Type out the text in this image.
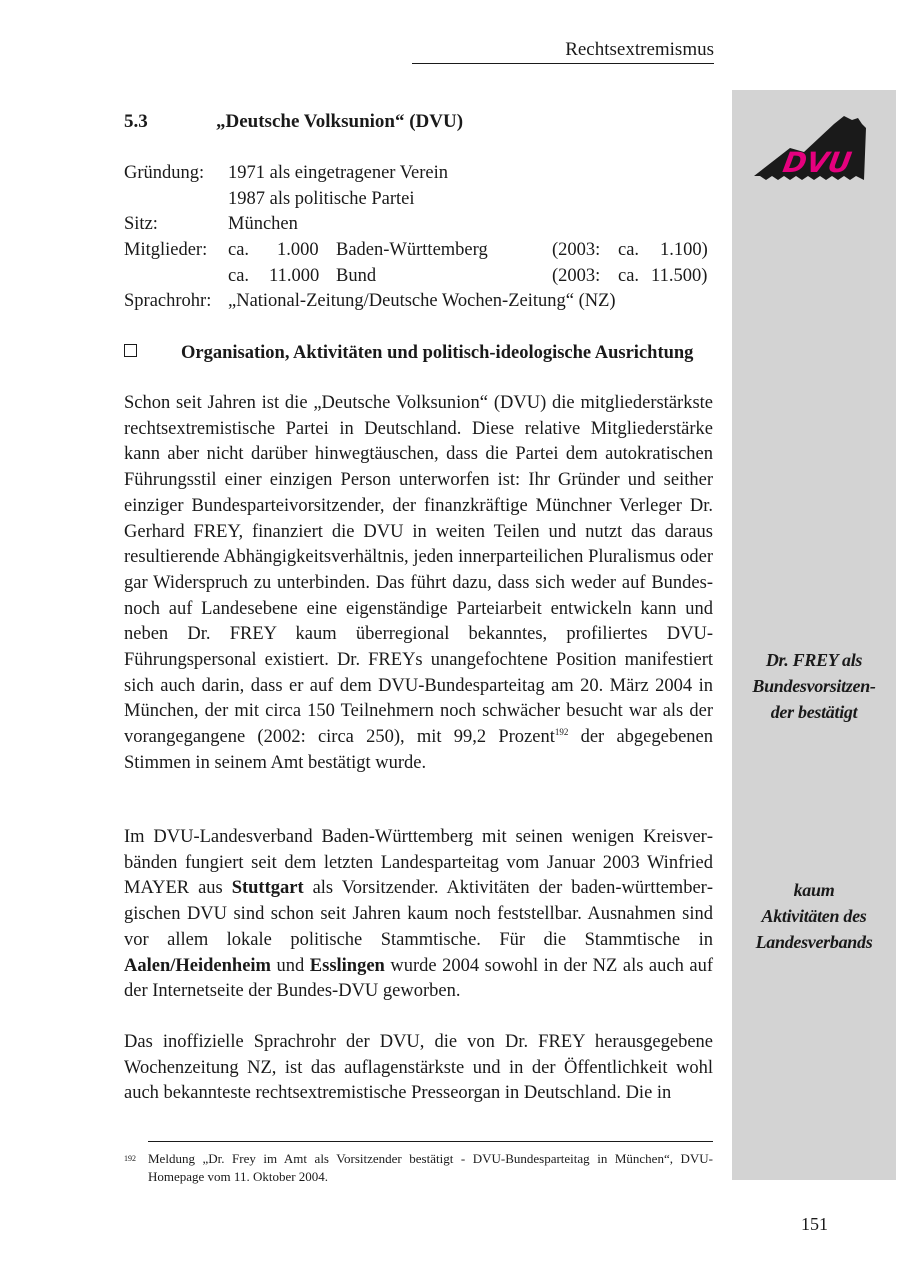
Rechtsextremismus
DVU
Dr. FREY als
Bundesvorsitzen-
der bestätigt
kaum
Aktivitäten des
Landesverbands
5.3	„Deutsche Volksunion“ (DVU)
Gründung: 1971 als eingetragener Verein
1987 als politische Partei
Sitz:	München
Mitglieder: ca. 1.000 Baden-Württemberg	(2003: ca. 1.100)
ca. 11.000 Bund	(2003: ca. 11.500)
Sprachrohr: „National-Zeitung/Deutsche Wochen-Zeitung“ (NZ)
Organisation, Aktivitäten und politisch-ideologische Ausrichtung
Schon seit Jahren ist die „Deutsche Volksunion“ (DVU) die mitgliederstärkste rechtsextremistische Partei in Deutschland. Diese relative Mitgliederstärke kann aber nicht darüber hinwegtäuschen, dass die Partei dem autokratischen Führungsstil einer einzigen Person unterworfen ist: Ihr Gründer und seither einziger Bundesparteivorsitzender, der finanzkräftige Münchner Verleger Dr. Gerhard FREY, finanziert die DVU in weiten Teilen und nutzt das daraus resultierende Abhängigkeitsverhältnis, jeden innerparteilichen Pluralismus oder gar Widerspruch zu unterbinden. Das führt dazu, dass sich weder auf Bundes- noch auf Landesebene eine eigenständige Parteiarbeit entwickeln kann und neben Dr. FREY kaum überregional bekanntes, profiliertes DVU-Führungspersonal existiert. Dr. FREYs unangefochtene Position manifestiert sich auch darin, dass er auf dem DVU-Bundesparteitag am 20. März 2004 in München, der mit circa 150 Teilnehmern noch schwächer besucht war als der vorangegangene (2002: circa 250), mit 99,2 Prozent$^{192}$ der abgegebenen Stimmen in seinem Amt bestätigt wurde.
Im DVU-Landesverband Baden-Württemberg mit seinen wenigen Kreisverbänden fungiert seit dem letzten Landesparteitag vom Januar 2003 Winfried MAYER aus Stuttgart als Vorsitzender. Aktivitäten der baden-württembergischen DVU sind schon seit Jahren kaum noch feststellbar. Ausnahmen sind vor allem lokale politische Stammtische. Für die Stammtische in Aalen/Heidenheim und Esslingen wurde 2004 sowohl in der NZ als auch auf der Internetseite der Bundes-DVU geworben.
Das inoffizielle Sprachrohr der DVU, die von Dr. FREY herausgegebene Wochenzeitung NZ, ist das auflagenstärkste und in der Öffentlichkeit wohl auch bekannteste rechtsextremistische Presseorgan in Deutschland. Die in
192 Meldung „Dr. Frey im Amt als Vorsitzender bestätigt - DVU-Bundesparteitag in München“, DVU-Homepage vom 11. Oktober 2004.
151
